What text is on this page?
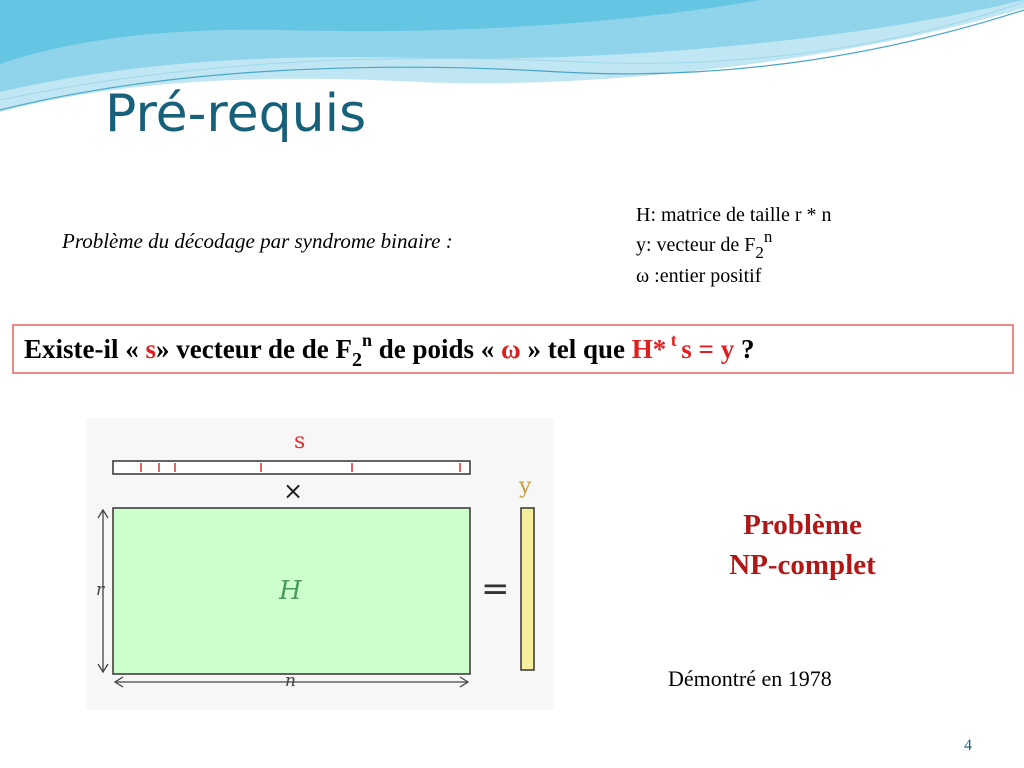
Pré-requis
Problème du décodage par syndrome binaire :
H: matrice de taille r * n
y: vecteur de $F_2^n$
ω :entier positif
Existe-il « s» vecteur de de $F_2^n$ de poids « ω » tel que H* $^t$ s = y ?
s
×
H
r
n
=
y
Problème
NP-complet
Démontré en 1978
4
